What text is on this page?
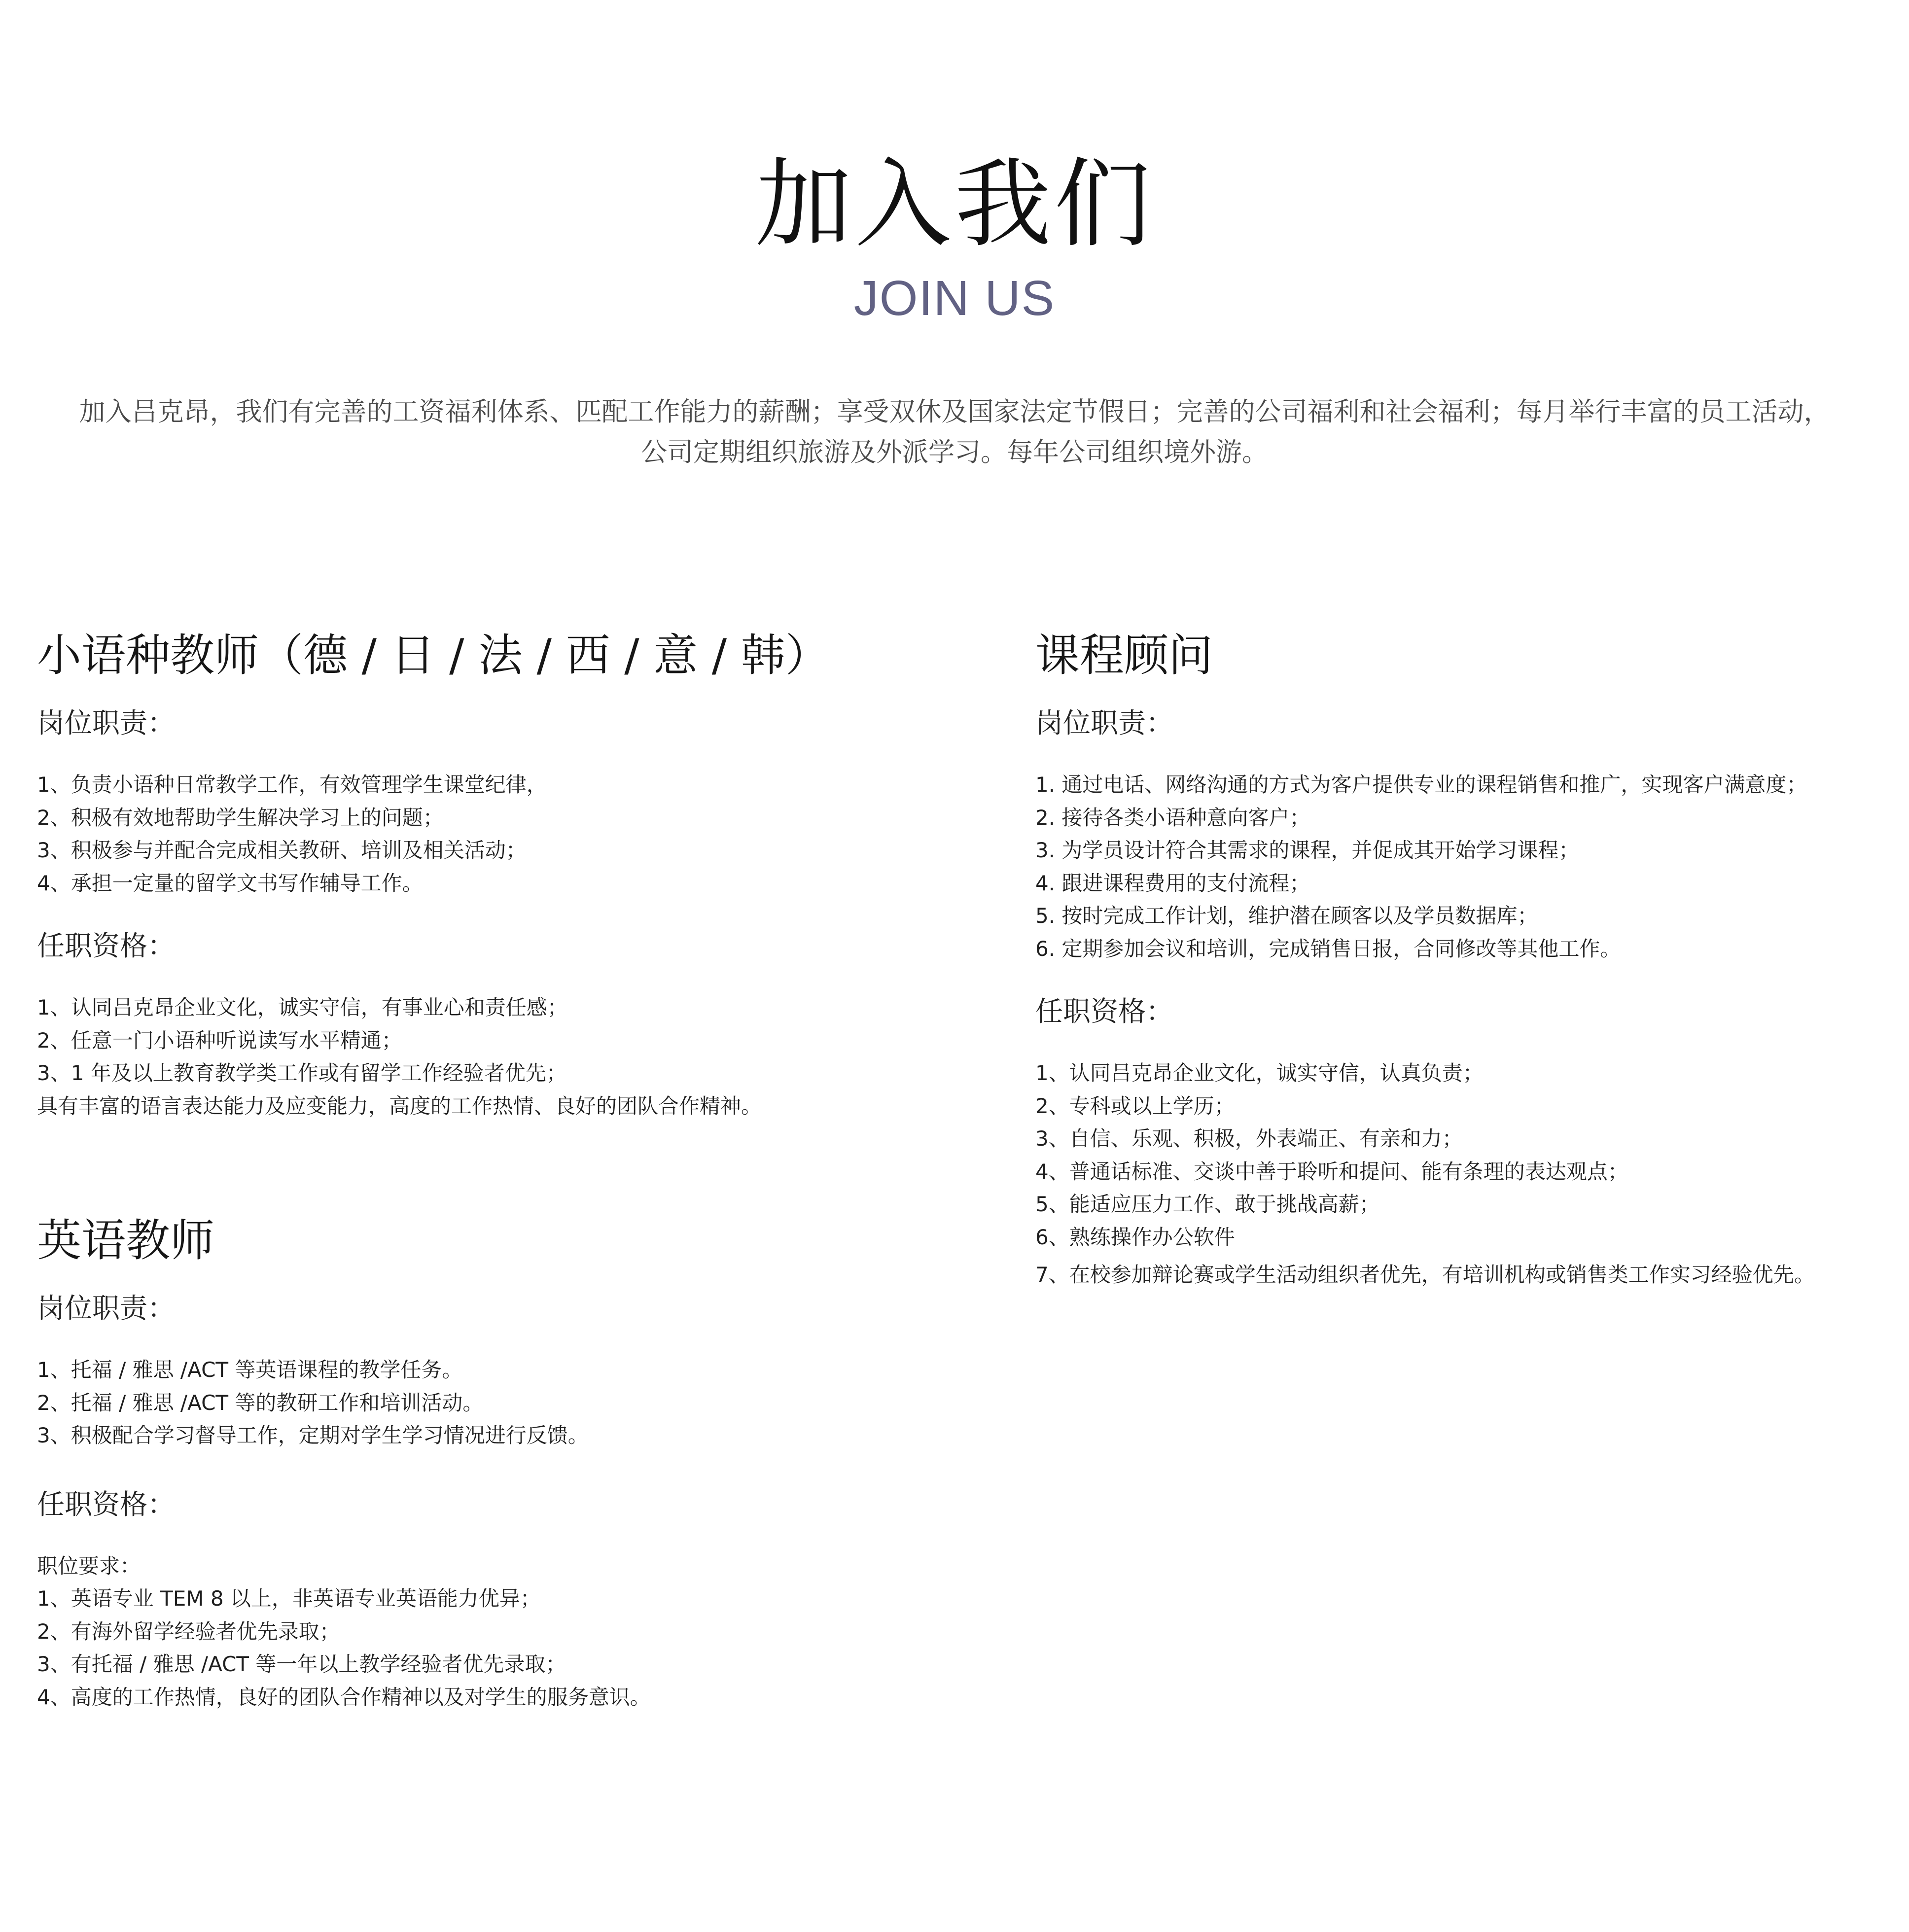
加入我们
JOIN US
加入吕克昂，我们有完善的工资福利体系、匹配工作能力的薪酬；享受双休及国家法定节假日；完善的公司福利和社会福利；每月举行丰富的员工活动，
公司定期组织旅游及外派学习。每年公司组织境外游。
小语种教师（德 / 日 / 法 / 西 / 意 / 韩）
岗位职责：
1、负责小语种日常教学工作，有效管理学生课堂纪律，
2、积极有效地帮助学生解决学习上的问题；
3、积极参与并配合完成相关教研、培训及相关活动；
4、承担一定量的留学文书写作辅导工作。
任职资格：
1、认同吕克昂企业文化，诚实守信，有事业心和责任感；
2、任意一门小语种听说读写水平精通；
3、1 年及以上教育教学类工作或有留学工作经验者优先；
具有丰富的语言表达能力及应变能力，高度的工作热情、良好的团队合作精神。
英语教师
岗位职责：
1、托福 / 雅思 /ACT 等英语课程的教学任务。
2、托福 / 雅思 /ACT 等的教研工作和培训活动。
3、积极配合学习督导工作，定期对学生学习情况进行反馈。
任职资格：
职位要求：
1、英语专业 TEM 8 以上，非英语专业英语能力优异；
2、有海外留学经验者优先录取；
3、有托福 / 雅思 /ACT 等一年以上教学经验者优先录取；
4、高度的工作热情，良好的团队合作精神以及对学生的服务意识。
课程顾问
岗位职责：
1. 通过电话、网络沟通的方式为客户提供专业的课程销售和推广，实现客户满意度；
2. 接待各类小语种意向客户；
3. 为学员设计符合其需求的课程，并促成其开始学习课程；
4. 跟进课程费用的支付流程；
5. 按时完成工作计划，维护潜在顾客以及学员数据库；
6. 定期参加会议和培训，完成销售日报，合同修改等其他工作。
任职资格：
1、认同吕克昂企业文化，诚实守信，认真负责；
2、专科或以上学历；
3、自信、乐观、积极，外表端正、有亲和力；
4、普通话标准、交谈中善于聆听和提问、能有条理的表达观点；
5、能适应压力工作、敢于挑战高薪；
6、熟练操作办公软件
7、在校参加辩论赛或学生活动组织者优先，有培训机构或销售类工作实习经验优先。
